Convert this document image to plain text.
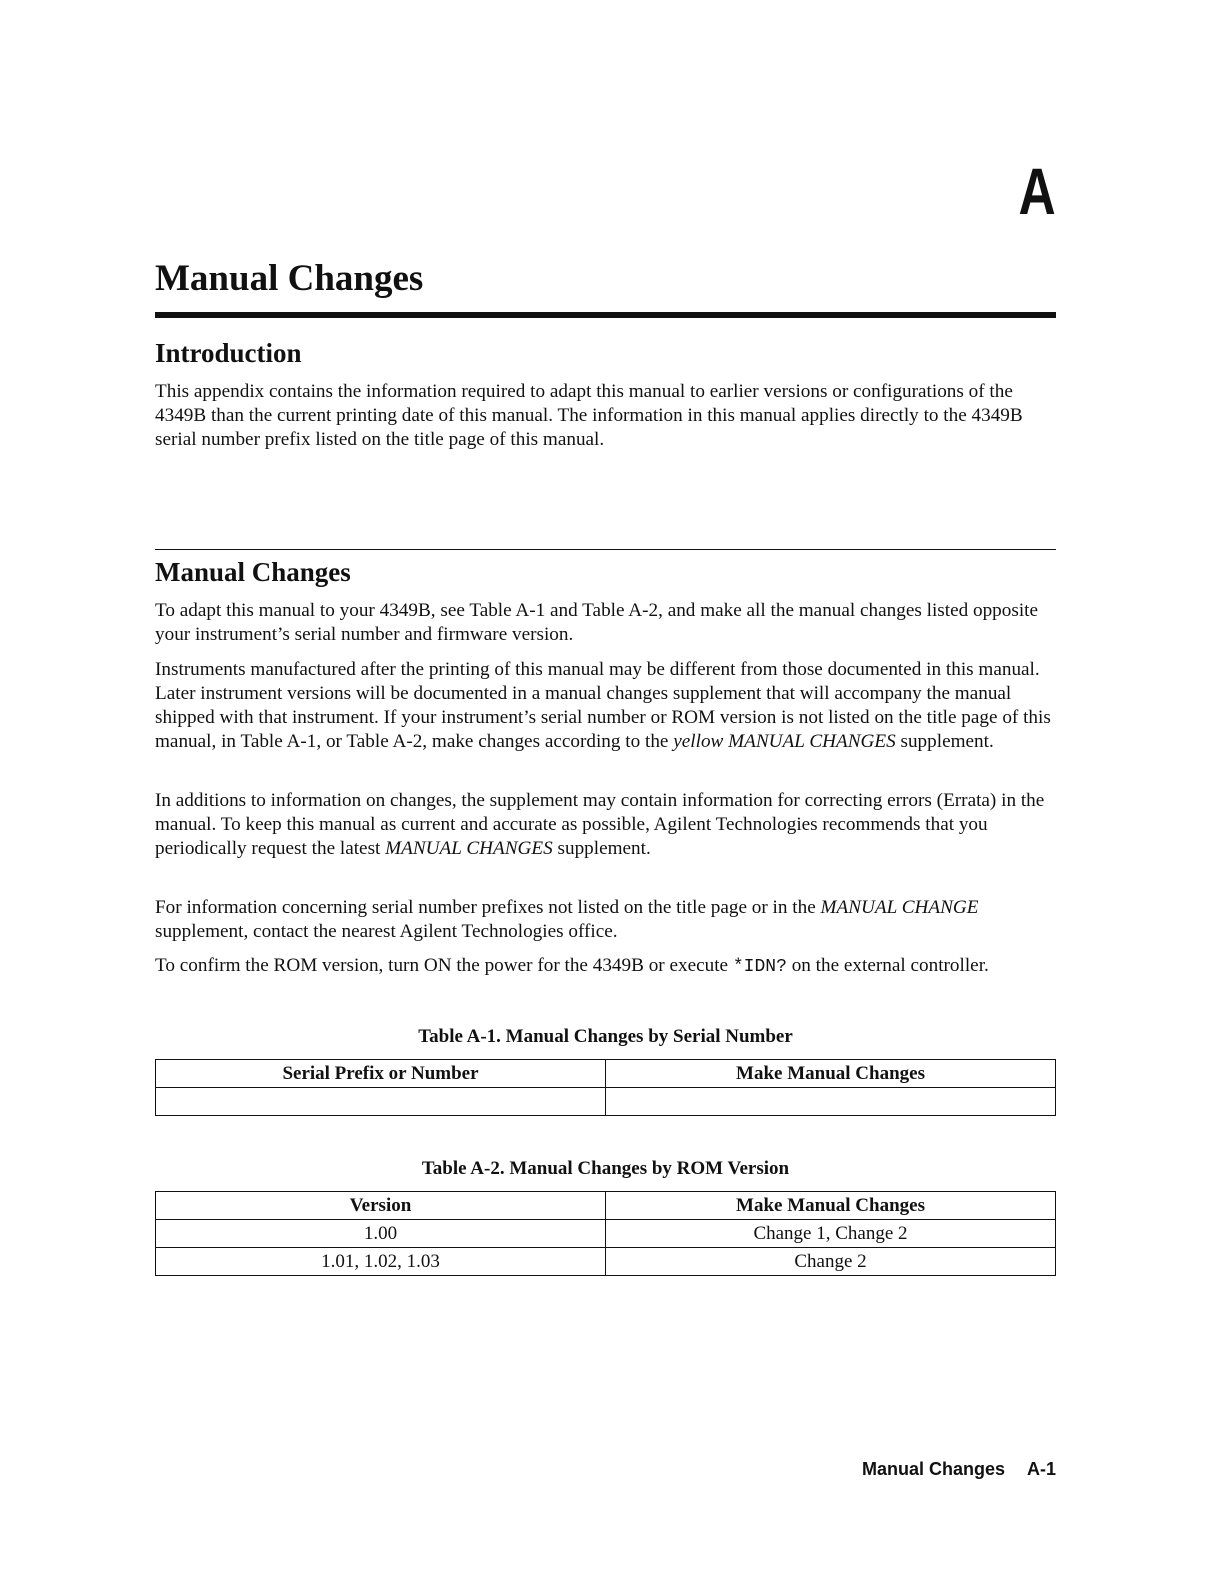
A
Manual Changes
Introduction

This appendix contains the information required to adapt this manual to earlier versions or configurations of the 4349B than the current printing date of this manual. The information in this manual applies directly to the 4349B serial number prefix listed on the title page of this manual.

Manual Changes

To adapt this manual to your 4349B, see Table A-1 and Table A-2, and make all the manual changes listed opposite your instrument’s serial number and firmware version.

Instruments manufactured after the printing of this manual may be different from those documented in this manual. Later instrument versions will be documented in a manual changes supplement that will accompany the manual shipped with that instrument. If your instrument’s serial number or ROM version is not listed on the title page of this manual, in Table A-1, or Table A-2, make changes according to the yellow MANUAL CHANGES supplement.

In additions to information on changes, the supplement may contain information for correcting errors (Errata) in the manual. To keep this manual as current and accurate as possible, Agilent Technologies recommends that you periodically request the latest MANUAL CHANGES supplement.

For information concerning serial number prefixes not listed on the title page or in the MANUAL CHANGE supplement, contact the nearest Agilent Technologies office.

To confirm the ROM version, turn ON the power for the 4349B or execute *IDN? on the external controller.

Table A-1. Manual Changes by Serial Number
Serial Prefix or Number	Make Manual Changes

Table A-2. Manual Changes by ROM Version
Version	Make Manual Changes
1.00	Change 1, Change 2
1.01, 1.02, 1.03	Change 2
Manual Changes A-1
